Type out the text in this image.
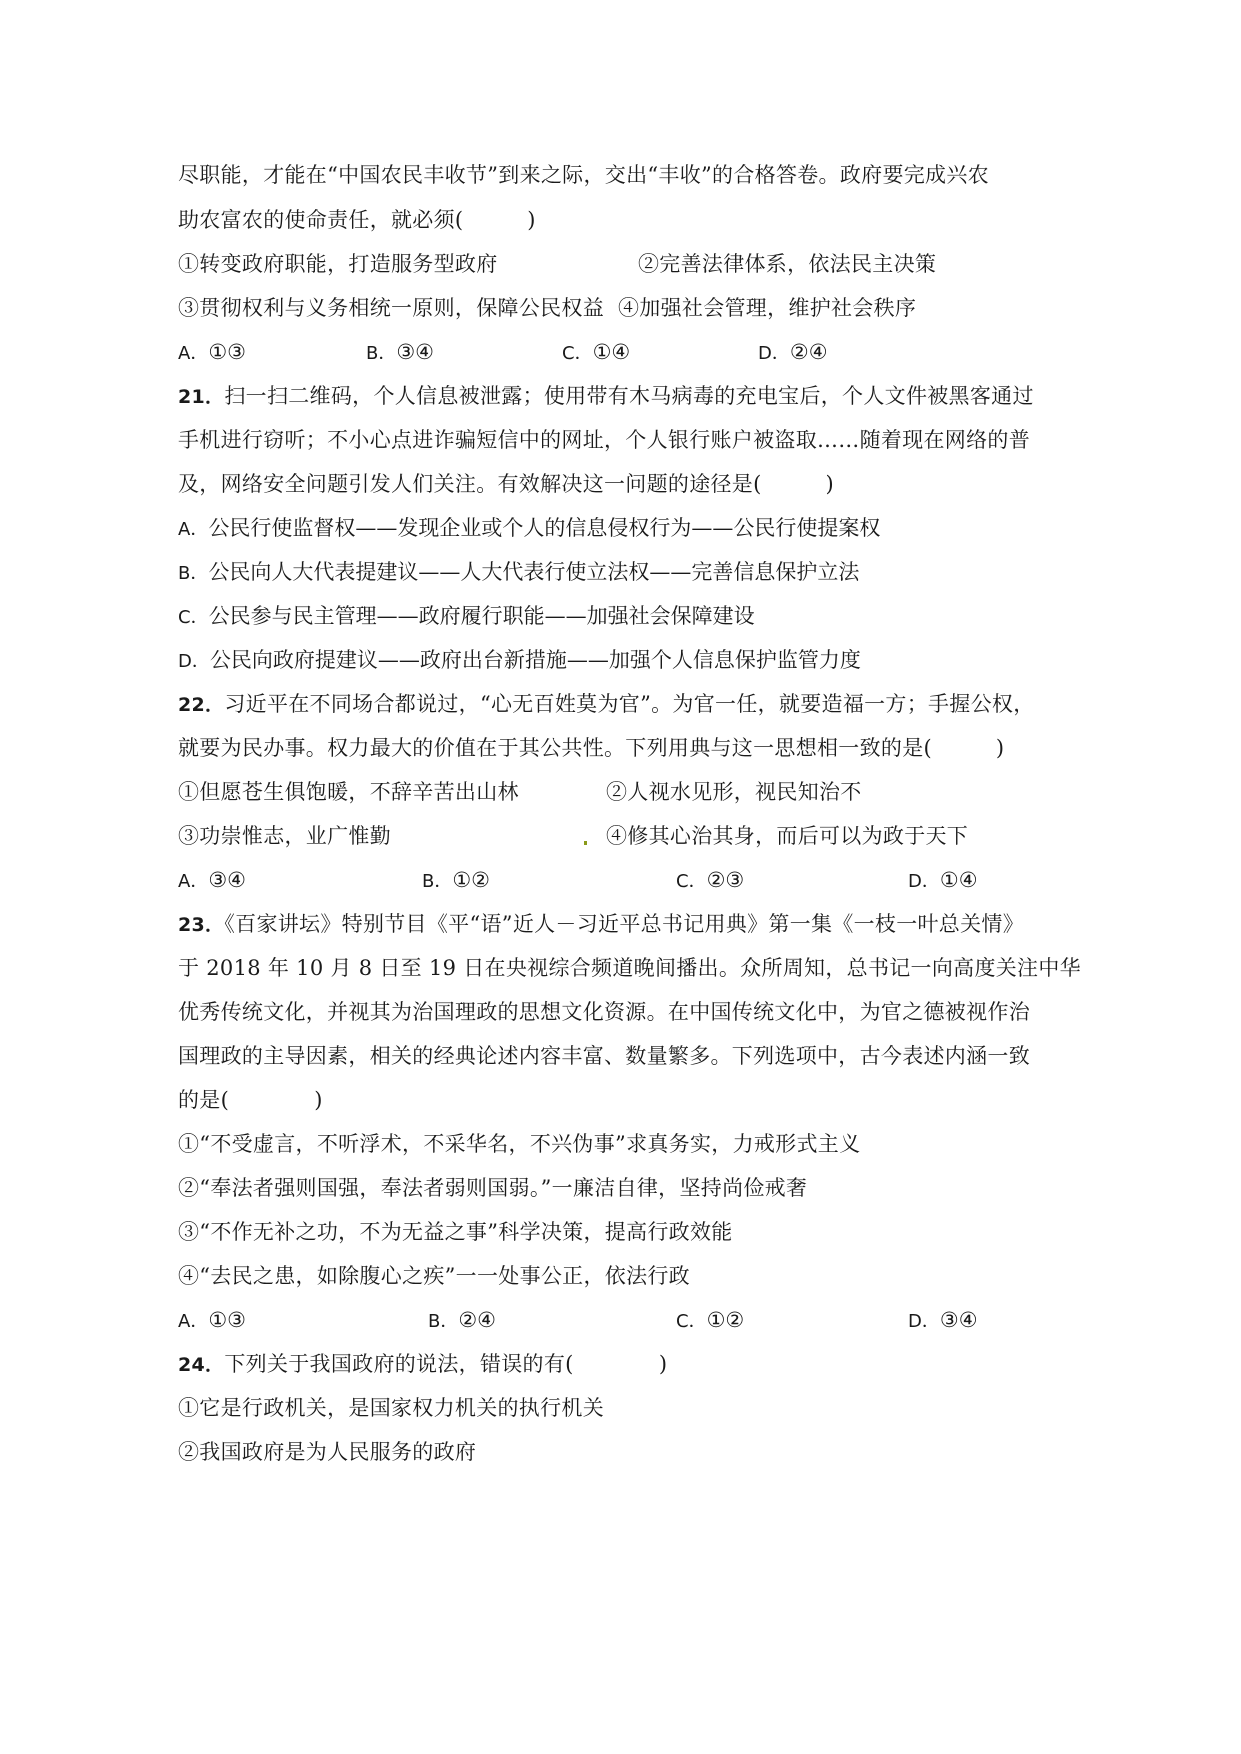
尽职能，才能在“中国农民丰收节”到来之际，交出“丰收”的合格答卷。政府要完成兴农
助农富农的使命责任，就必须(　　　)
①转变政府职能，打造服务型政府	②完善法律体系，依法民主决策
③贯彻权利与义务相统一原则，保障公民权益 ④加强社会管理，维护社会秩序
A．①③	B．③④	C．①④	D．②④
21．扫一扫二维码，个人信息被泄露；使用带有木马病毒的充电宝后，个人文件被黑客通过
手机进行窃听；不小心点进诈骗短信中的网址，个人银行账户被盗取……随着现在网络的普
及，网络安全问题引发人们关注。有效解决这一问题的途径是(　　　)
A．公民行使监督权——发现企业或个人的信息侵权行为——公民行使提案权
B．公民向人大代表提建议——人大代表行使立法权——完善信息保护立法
C．公民参与民主管理——政府履行职能——加强社会保障建设
D．公民向政府提建议——政府出台新措施——加强个人信息保护监管力度
22．习近平在不同场合都说过，“心无百姓莫为官”。为官一任，就要造福一方；手握公权，
就要为民办事。权力最大的价值在于其公共性。下列用典与这一思想相一致的是(　　　)
①但愿苍生俱饱暖，不辞辛苦出山林	②人视水见形，视民知治不
③功崇惟志，业广惟勤	④修其心治其身，而后可以为政于天下
A．③④	B．①②	C．②③	D．①④
23．《百家讲坛》特别节目《平“语”近人－习近平总书记用典》第一集《一枝一叶总关情》
于 2018 年 10 月 8 日至 19 日在央视综合频道晚间播出。众所周知，总书记一向高度关注中华
优秀传统文化，并视其为治国理政的思想文化资源。在中国传统文化中，为官之德被视作治
国理政的主导因素，相关的经典论述内容丰富、数量繁多。下列选项中，古今表述内涵一致
的是(　　　　)
①“不受虚言，不听浮术，不采华名，不兴伪事”求真务实，力戒形式主义
②“奉法者强则国强，奉法者弱则国弱。”一廉洁自律，坚持尚俭戒奢
③“不作无补之功，不为无益之事”科学决策，提高行政效能
④“去民之患，如除腹心之疾”一一处事公正，依法行政
A．①③	B．②④	C．①②	D．③④
24．下列关于我国政府的说法，错误的有(　　　　)
①它是行政机关，是国家权力机关的执行机关
②我国政府是为人民服务的政府
